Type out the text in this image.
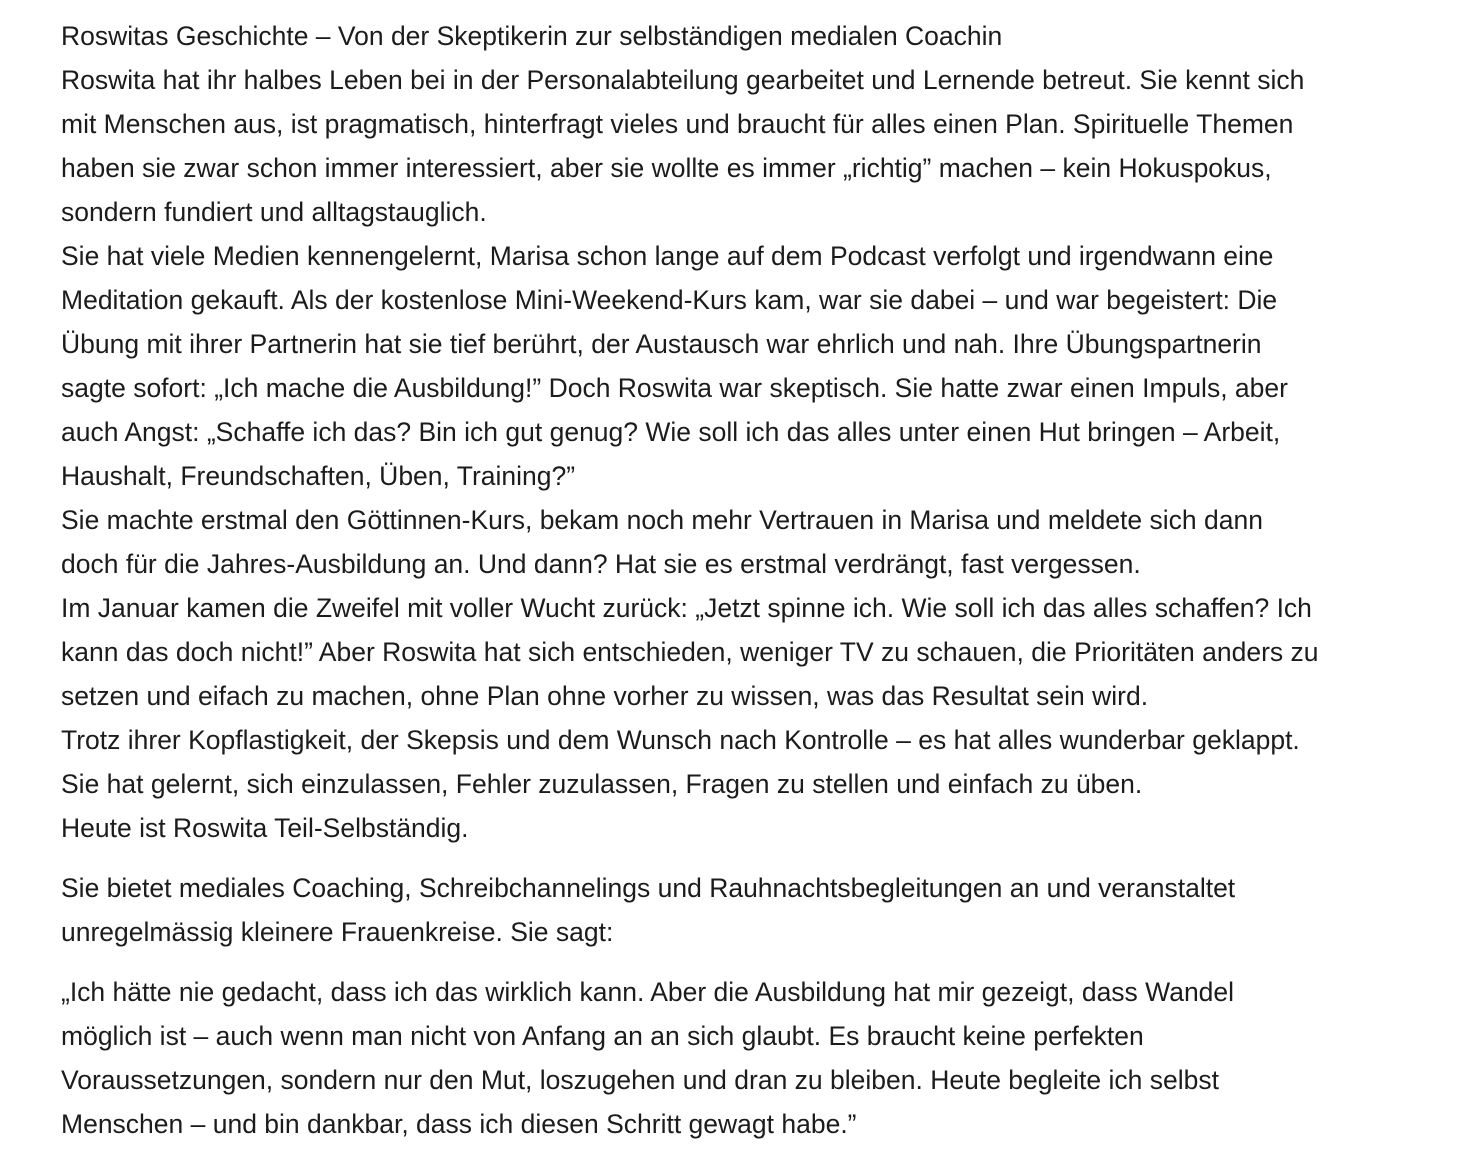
Roswitas Geschichte – Von der Skeptikerin zur selbständigen medialen Coachin
Roswita hat ihr halbes Leben bei in der Personalabteilung gearbeitet und Lernende betreut. Sie kennt sich
mit Menschen aus, ist pragmatisch, hinterfragt vieles und braucht für alles einen Plan. Spirituelle Themen
haben sie zwar schon immer interessiert, aber sie wollte es immer „richtig” machen – kein Hokuspokus,
sondern fundiert und alltagstauglich.
Sie hat viele Medien kennengelernt, Marisa schon lange auf dem Podcast verfolgt und irgendwann eine
Meditation gekauft. Als der kostenlose Mini-Weekend-Kurs kam, war sie dabei – und war begeistert: Die
Übung mit ihrer Partnerin hat sie tief berührt, der Austausch war ehrlich und nah. Ihre Übungspartnerin
sagte sofort: „Ich mache die Ausbildung!” Doch Roswita war skeptisch. Sie hatte zwar einen Impuls, aber
auch Angst: „Schaffe ich das? Bin ich gut genug? Wie soll ich das alles unter einen Hut bringen – Arbeit,
Haushalt, Freundschaften, Üben, Training?”
Sie machte erstmal den Göttinnen-Kurs, bekam noch mehr Vertrauen in Marisa und meldete sich dann
doch für die Jahres-Ausbildung an. Und dann? Hat sie es erstmal verdrängt, fast vergessen.
Im Januar kamen die Zweifel mit voller Wucht zurück: „Jetzt spinne ich. Wie soll ich das alles schaffen? Ich
kann das doch nicht!” Aber Roswita hat sich entschieden, weniger TV zu schauen, die Prioritäten anders zu
setzen und eifach zu machen, ohne Plan ohne vorher zu wissen, was das Resultat sein wird.
Trotz ihrer Kopflastigkeit, der Skepsis und dem Wunsch nach Kontrolle – es hat alles wunderbar geklappt.
Sie hat gelernt, sich einzulassen, Fehler zuzulassen, Fragen zu stellen und einfach zu üben.
Heute ist Roswita Teil-Selbständig.
Sie bietet mediales Coaching, Schreibchannelings und Rauhnachtsbegleitungen an und veranstaltet
unregelmässig kleinere Frauenkreise. Sie sagt:
„Ich hätte nie gedacht, dass ich das wirklich kann. Aber die Ausbildung hat mir gezeigt, dass Wandel
möglich ist – auch wenn man nicht von Anfang an an sich glaubt. Es braucht keine perfekten
Voraussetzungen, sondern nur den Mut, loszugehen und dran zu bleiben. Heute begleite ich selbst
Menschen – und bin dankbar, dass ich diesen Schritt gewagt habe.”
